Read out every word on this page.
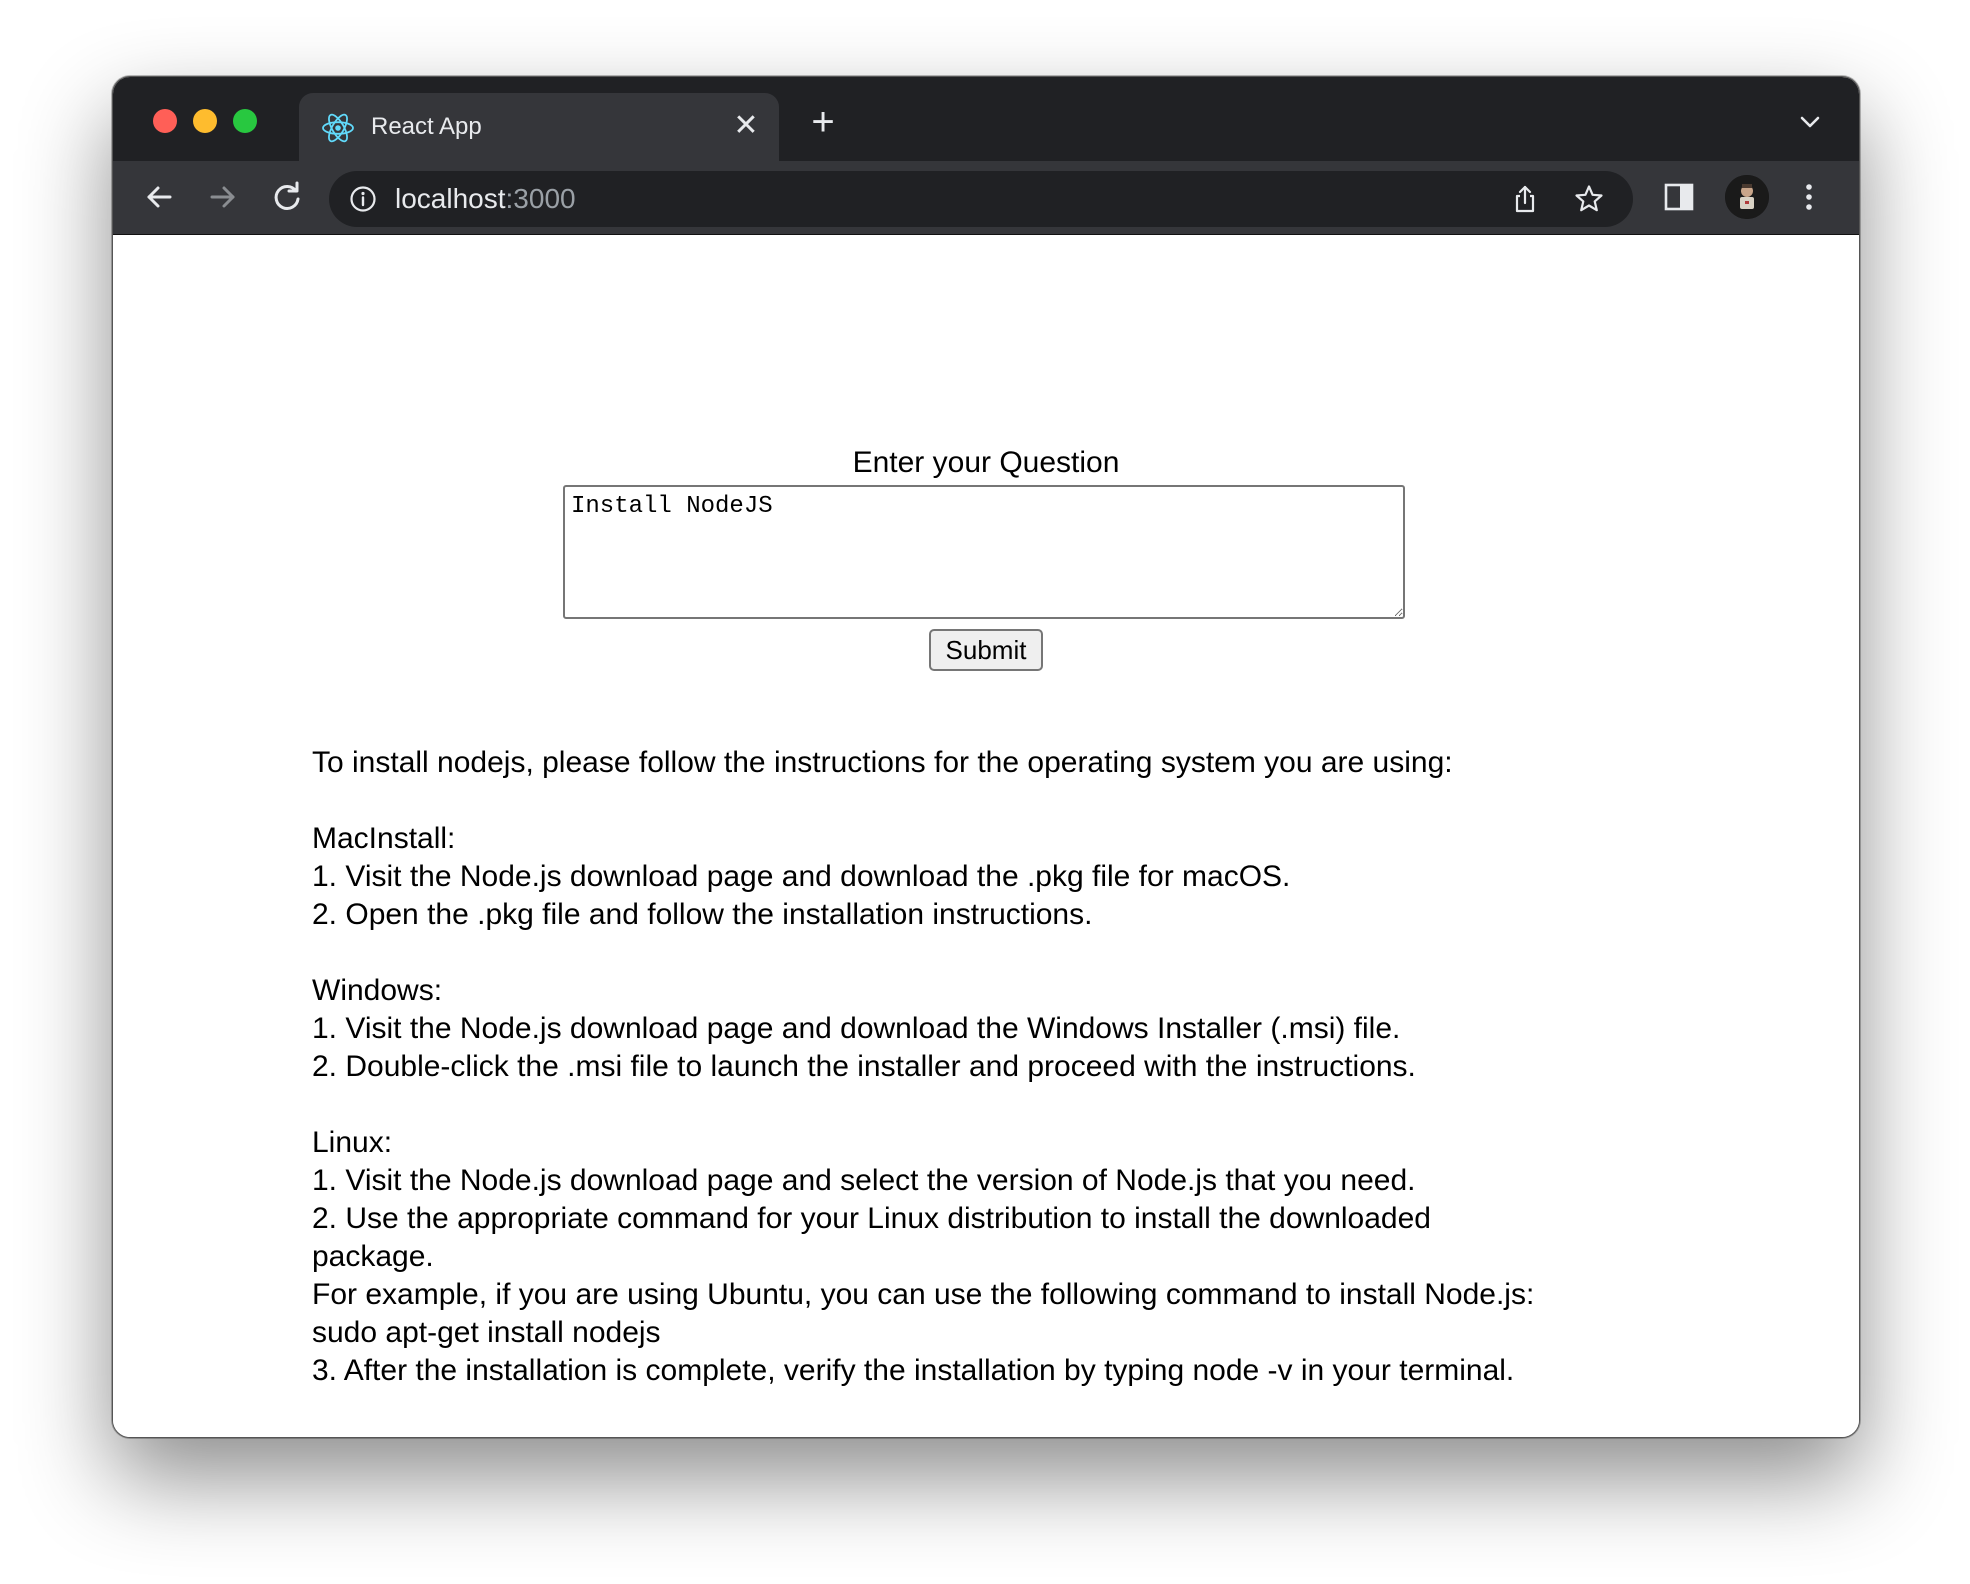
React App	✕ +
localhost:3000
Enter your Question
Install NodeJS
Submit
To install nodejs, please follow the instructions for the operating system you are using:
MacInstall:
1. Visit the Node.js download page and download the .pkg file for macOS.
2. Open the .pkg file and follow the installation instructions.
Windows:
1. Visit the Node.js download page and download the Windows Installer (.msi) file.
2. Double-click the .msi file to launch the installer and proceed with the instructions.
Linux:
1. Visit the Node.js download page and select the version of Node.js that you need.
2. Use the appropriate command for your Linux distribution to install the downloaded package.
For example, if you are using Ubuntu, you can use the following command to install Node.js:
sudo apt-get install nodejs
3. After the installation is complete, verify the installation by typing node -v in your terminal.
